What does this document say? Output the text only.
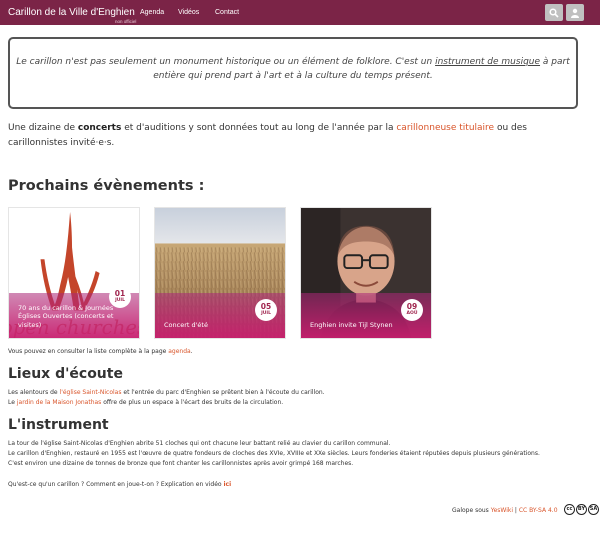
Carillon de la Ville d'Enghien
non officiel
Agenda Vidéos Contact

Le carillon n'est pas seulement un monument historique ou un élément de folklore. C'est un instrument de musique à part entière qui prend part à l'art et à la culture du temps présent.

Une dizaine de concerts et d'auditions y sont données tout au long de l'année par la carillonneuse titulaire ou des carillonnistes invité·e·s.

Prochains évènements :
01
JUIL
70 ans du carillon & Journées Églises Ouvertes (concerts et visites)
05
JUIL
Concert d'été
09
AOÛ
Enghien invite Tijl Stynen

Vous pouvez en consulter la liste complète à la page agenda.

Lieux d'écoute

Les alentours de l'église Saint-Nicolas et l'entrée du parc d'Enghien se prêtent bien à l'écoute du carillon.

Le jardin de la Maison Jonathas offre de plus un espace à l'écart des bruits de la circulation.

L'instrument

La tour de l'église Saint-Nicolas d'Enghien abrite 51 cloches qui ont chacune leur battant relié au clavier du carillon communal.

Le carillon d'Enghien, restauré en 1955 est l'œuvre de quatre fondeurs de cloches des XVIe, XVIIIe et XXe siècles. Leurs fonderies étaient réputées depuis plusieurs générations.

C'est environ une dizaine de tonnes de bronze que font chanter les carillonnistes après avoir grimpé 168 marches.

Qu'est-ce qu'un carillon ? Comment en joue-t-on ? Explication en vidéo ici

Galope sous YesWiki | CC BY-SA 4.0	cc	BY SA
